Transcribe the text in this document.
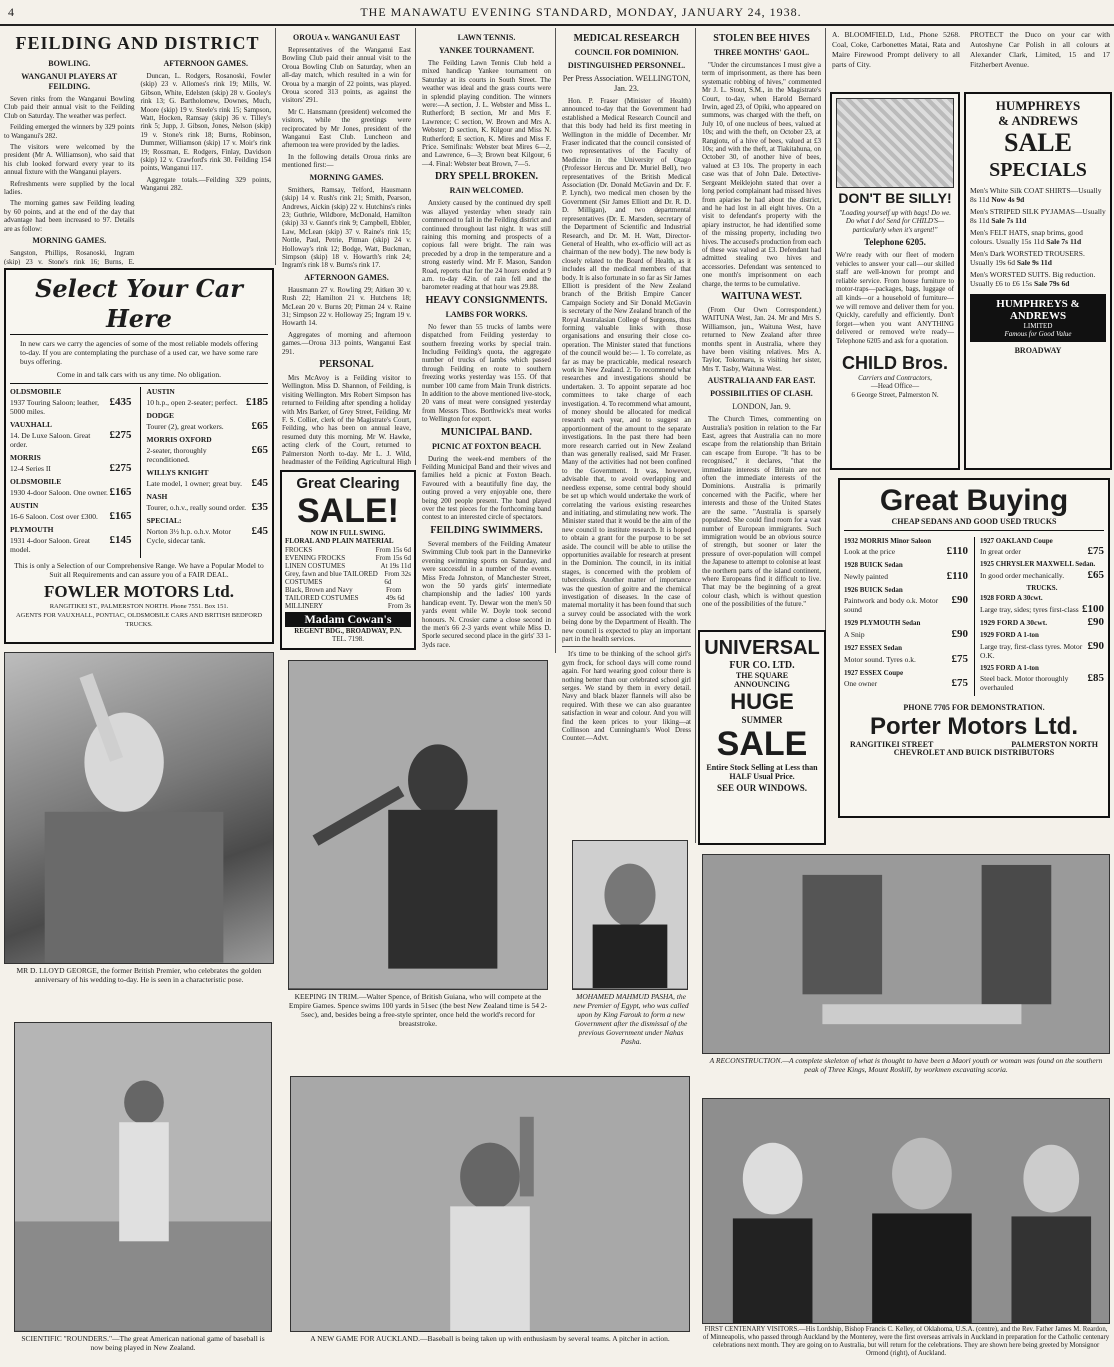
4	THE MANAWATU EVENING STANDARD, MONDAY, JANUARY 24, 1938.
FEILDING AND DISTRICT

BOWLING.

WANGANUI PLAYERS AT FEILDING.

Seven rinks from the Wanganui Bowling Club paid their annual visit to the Feilding Club on Saturday. The weather was perfect.

Feilding emerged the winners by 329 points to Wanganui's 282.

The visitors were welcomed by the president (Mr A. Williamson), who said that his club looked forward every year to its annual fixture with the Wanganui players.

Refreshments were supplied by the local ladies.

The morning games saw Feilding leading by 60 points, and at the end of the day that advantage had been increased to 97. Details are as follow:

MORNING GAMES.

Sangston, Phillips, Rosanoski, Ingram (skip) 23 v. Stone's rink 16; Burns, E.

AFTERNOON GAMES.

Duncan, L. Rodgers, Rosanoski, Fowler (skip) 23 v. Allomes's rink 19; Mills, W. Gibson, White, Edelsten (skip) 28 v. Gooley's rink 13; G. Bartholomew, Downes, Much, Moore (skip) 19 v. Steele's rink 15; Sampson, Watt, Hocken, Ramsay (skip) 36 v. Tilley's rink 5; Jupp, J. Gibson, Jones, Nelson (skip) 19 v. Stone's rink 18; Burns, Robinson, Dummer, Williamson (skip) 17 v. Moir's rink 19; Rossman, E. Rodgers, Finlay, Davidson (skip) 12 v. Crawford's rink 30. Feilding 154 points, Wanganui 117.

Aggregate totals.—Feilding 329 points, Wanganui 282.

OROUA v. WANGANUI EAST

Representatives of the Wanganui East Bowling Club paid their annual visit to the Oroua Bowling Club on Saturday, when an all-day match, which resulted in a win for Oroua by a margin of 22 points, was played. Oroua scored 313 points, as against the visitors' 291.

Mr C. Hansmann (president) welcomed the visitors, while the greetings were reciprocated by Mr Jones, president of the Wanganui East Club. Luncheon and afternoon tea were provided by the ladies.

In the following details Oroua rinks are mentioned first:—

MORNING GAMES.

Smithers, Ramsay, Telford, Hausmann (skip) 14 v. Rush's rink 21; Smith, Pearson, Andrews, Aickin (skip) 22 v. Hutchins's rinks 23; Guthrie, Wildbore, McDonald, Hamilton (skip) 33 v. Gannt's rink 9; Campbell, Ebbler, Law, McLean (skip) 37 v. Raine's rink 15; Nottle, Paul, Petrie, Pitman (skip) 24 v. Holloway's rink 12; Bodge, Watt, Buckman, Simpson (skip) 18 v. Howarth's rink 24; Ingram's rink 18 v. Burns's rink 17.

AFTERNOON GAMES.

Hausmann 27 v. Rowling 29; Aitken 30 v. Rush 22; Hamilton 21 v. Hutchens 18; McLean 20 v. Burns 20; Pitman 24 v. Raine 31; Simpson 22 v. Holloway 25; Ingram 19 v. Howarth 14.

Aggregates of morning and afternoon games.—Oroua 313 points, Wanganui East 291.

PERSONAL

Mrs McAvoy is a Feilding visitor to Wellington. Miss D. Shannon, of Feilding, is visiting Wellington. Mrs Robert Simpson has returned to Feilding after spending a holiday with Mrs Barker, of Grey Street, Feilding. Mr F. S. Collier, clerk of the Magistrate's Court, Feilding, who has been on annual leave, resumed duty this morning. Mr W. Hawke, acting clerk of the Court, returned to Palmerston North to-day. Mr L. J. Wild, headmaster of the Feilding Agricultural High

LAWN TENNIS.

YANKEE TOURNAMENT.

The Feilding Lawn Tennis Club held a mixed handicap Yankee tournament on Saturday at its courts in South Street. The weather was ideal and the grass courts were in splendid playing condition. The winners were:—A section, J. L. Webster and Miss L. Rutherford; B section, Mr and Mrs F. Lawrence; C section, W. Brown and Mrs A. Webster; D section, K. Kilgour and Miss N. Rutherford; E section, K. Mires and Miss F. Price. Semifinals: Webster beat Mires 6—2, and Lawrence, 6—3; Brown beat Kilgour, 6—4. Final: Webster beat Brown, 7—5.

DRY SPELL BROKEN.

RAIN WELCOMED.

Anxiety caused by the continued dry spell was allayed yesterday when steady rain commenced to fall in the Feilding district and continued throughout last night. It was still raining this morning and prospects of a copious fall were bright. The rain was preceded by a drop in the temperature and a strong easterly wind. Mr F. Mason, Sandon Road, reports that for the 24 hours ended at 9 a.m. to-day 42in. of rain fell and the barometer reading at that hour was 29.88.

HEAVY CONSIGNMENTS.

LAMBS FOR WORKS.

No fewer than 55 trucks of lambs were dispatched from Feilding yesterday to southern freezing works by special train. Including Feilding's quota, the aggregate number of trucks of lambs which passed through Feilding en route to southern freezing works yesterday was 155. Of that number 100 came from Main Trunk districts. In addition to the above mentioned live-stock, 20 vans of meat were consigned yesterday from Messrs Thos. Borthwick's meat works to Wellington for export.

MUNICIPAL BAND.

PICNIC AT FOXTON BEACH.

During the week-end members of the Feilding Municipal Band and their wives and families held a picnic at Foxton Beach. Favoured with a beautifully fine day, the outing proved a very enjoyable one, there being 200 people present. The band played over the test pieces for the forthcoming band contest to an interested circle of spectators.

FEILDING SWIMMERS.

Several members of the Feilding Amateur Swimming Club took part in the Dannevirke evening swimming sports on Saturday, and were successful in a number of the events. Miss Freda Johnston, of Manchester Street, won the 50 yards girls' intermediate championship and the ladies' 100 yards handicap event. Ty. Dewar won the men's 50 yards event while W. Doyle took second honours. N. Crosier came a close second in the men's 66 2-3 yards event while Miss D. Sporle secured second place in the girls' 33 1-3yds race.

MEDICAL RESEARCH

COUNCIL FOR DOMINION.

DISTINGUISHED PERSONNEL.

Per Press Association. WELLINGTON, Jan. 23.

Hon. P. Fraser (Minister of Health) announced to-day that the Government had established a Medical Research Council and that this body had held its first meeting in Wellington in the middle of December. Mr Fraser indicated that the council consisted of two representatives of the Faculty of Medicine in the University of Otago (Professor Hercus and Dr. Muriel Bell), two representatives of the British Medical Association (Dr. Donald McGavin and Dr. F. P. Lynch), two medical men chosen by the Government (Sir James Elliott and Dr. R. D. D. Milligan), and two departmental representatives (Dr. E. Marsden, secretary of the Department of Scientific and Industrial Research, and Dr. M. H. Watt, Director-General of Health, who ex-officio will act as chairman of the new body). The new body is closely related to the Board of Health, as it includes all the medical members of that body. It is also fortunate in so far as Sir James Elliott is president of the New Zealand branch of the British Empire Cancer Campaign Society and Sir Donald McGavin is secretary of the New Zealand branch of the Royal Australasian College of Surgeons, thus forming valuable links with those organisations and ensuring their close co-operation. The Minister stated that functions of the council would be:— 1. To correlate, as far as may be practicable, medical research work in New Zealand. 2. To recommend what researches and investigations should be undertaken. 3. To appoint separate ad hoc committees to take charge of each investigation. 4. To recommend what amount, of money should be allocated for medical research each year, and to suggest an apportionment of the amount to the separate investigations. In the past there had been more research carried out in New Zealand than was generally realised, said Mr Fraser. Many of the activities had not been confined to the Government. It was, however, advisable that, to avoid overlapping and needless expense, some central body should be set up which would undertake the work of correlating the various existing researches and initiating, and stimulating new work. The Minister stated that it would be the aim of the new council to institute research. It is hoped to obtain a grant for the purpose to be set aside. The council will be able to utilise the opportunities available for research at present in the Dominion. The council, in its initial stages, is concerned with the problem of tuberculosis. Another matter of importance was the question of goitre and the chemical investigation of diseases. In the case of maternal mortality it has been found that such a survey could be associated with the work being done by the Department of Health. The new council is expected to play an important part in the health services.

It's time to be thinking of the school girl's gym frock, for school days will come round again. For hard wearing good colour there is nothing better than our celebrated school girl serges. We stand by them in every detail. Navy and black blazer flannels will also be required. With these we can also guarantee satisfaction in wear and colour. And you will find the keen prices to your liking—at Collinson and Cunningham's Wool Dress Counter.—Advt.

STOLEN BEE HIVES

THREE MONTHS' GAOL.

"Under the circumstances I must give a term of imprisonment, as there has been systematic robbing of hives," commented Mr J. L. Stout, S.M., in the Magistrate's Court, to-day, when Harold Bernard Irwin, aged 23, of Opiki, who appeared on summons, was charged with the theft, on July 10, of one nucleus of bees, valued at 10s; and with the theft, on October 23, at Rangiotu, of a hive of bees, valued at £3 10s; and with the theft, at Tiakitahuna, on October 30, of another hive of bees, valued at £3 10s. The property in each case was that of John Dale. Detective-Sergeant Meiklejohn stated that over a long period complainant had missed hives from apiaries he had about the district, and he had lost in all eight hives. On a visit to defendant's property with the apiary instructor, he had identified some of the missing property, including two hives. The accused's production from each of these was valued at £3. Defendant had admitted stealing two hives and accessories. Defendant was sentenced to one month's imprisonment on each charge, the terms to be cumulative.

WAITUNA WEST.

(From Our Own Correspondent.) WAITUNA West, Jan. 24. Mr and Mrs S. Williamson, jun., Waituna West, have returned to New Zealand after three months spent in Australia, where they have been visiting relatives. Mrs A. Taylor, Tokomaru, is visiting her sister, Mrs T. Tasby, Waituna West.

AUSTRALIA AND FAR EAST.

POSSIBILITIES OF CLASH.

LONDON, Jan. 9.

The Church Times, commenting on Australia's position in relation to the Far East, agrees that Australia can no more escape from the relationship than Britain can escape from Europe. "It has to be recognised," it declares, "that the immediate interests of Britain are not often the immediate interests of the Dominions. Australia is primarily concerned with the Pacific, where her interests and those of the United States are the same. "Australia is sparsely populated. She could find room for a vast number of European immigrants. Such immigration would be an obvious source of strength, but sooner or later the pressure of over-population will compel the Japanese to attempt to colonise at least the northern parts of the island continent, where Europeans find it difficult to live. That may be the beginning of a great colour clash, which is without question one of the possibilities of the future."

A. BLOOMFIELD, Ltd., Phone 5268. Coal, Coke, Carbonettes Matai, Rata and Maire Firewood Prompt delivery to all parts of City.
PROTECT the Duco on your car with Autoshyne Car Polish in all colours at Alexander Clark, Limited, 15 and 17 Fitzherbert Avenue.
DON'T BE SILLY!
"Loading yourself up with bags! Do we. Do what I do! Send for CHILD'S—particularly when it's urgent!"
Telephone 6205.
We're ready with our fleet of modern vehicles to answer your call—our skilled staff are well-known for prompt and reliable service. From house furniture to motor-traps—packages, bags, luggage of all kinds—or a household of furniture—we will remove and deliver them for you. Quickly, carefully and efficiently. Don't forget—when you want ANYTHING delivered or removed we're ready—Telephone 6205 and ask for a quotation.
CHILD Bros.
Carriers and Contractors,
—Head Office—
6 George Street, Palmerston N.
HUMPHREYS
& ANDREWS
SALE
SPECIALS
Men's White Silk COAT SHIRTS—Usually 8s 11d Now 4s 9d
Men's STRIPED SILK PYJAMAS—Usually 8s 11d Sale 7s 11d
Men's FELT HATS, snap brims, good colours. Usually 15s 11d Sale 7s 11d
Men's Dark WORSTED TROUSERS. Usually 19s 6d Sale 9s 11d
Men's WORSTED SUITS. Big reduction. Usually £6 to £6 15s Sale 79s 6d
HUMPHREYS & ANDREWS
LIMITED
Famous for Good Value
BROADWAY
Select Your Car Here
In new cars we carry the agencies of some of the most reliable models offering to-day. If you are contemplating the purchase of a used car, we have some rare buys offering.
Come in and talk cars with us any time. No obligation.
OLDSMOBILE
1937 Touring Saloon; leather, 5000 miles.
£435
VAUXHALL
14. De Luxe Saloon. Great order.
£275
MORRIS
12-4 Series II	£275
OLDSMOBILE
1930 4-door Saloon. One owner. £165
AUSTIN
16-6 Saloon. Cost over £300. £165
PLYMOUTH
1931 4-door Saloon. Great model.
£145
AUSTIN
10 h.p., open 2-seater; perfect. £185
DODGE
Tourer (2), great workers.	£65
MORRIS OXFORD
2-seater, thoroughly reconditioned.
£65
WILLYS KNIGHT
Late model, 1 owner; great buy. £45
NASH
Tourer, o.h.v., really sound order. £35
SPECIAL:
Norton 3½ h.p. o.h.v. Motor Cycle, sidecar tank.
£45
This is only a Selection of our Comprehensive Range. We have a Popular Model to Suit all Requirements and can assure you of a FAIR DEAL.
FOWLER MOTORS Ltd.
RANGITIKEI ST., PALMERSTON NORTH. Phone 7551. Box 151.
AGENTS FOR VAUXHALL, PONTIAC, OLDSMOBILE CARS AND BRITISH BEDFORD TRUCKS.
Great Clearing
SALE!
NOW IN FULL SWING.
FLORAL AND PLAIN MATERIAL
FROCKS	From 15s 6d
EVENING FROCKS	From 15s 6d
LINEN COSTUMES	At 19s 11d
Grey, fawn and blue TAILORED COSTUMES
From 32s 6d
Black, Brown and Navy TAILORED COSTUMES
From 49s 6d
MILLINERY	From 3s
Madam Cowan's
REGENT BDG., BROADWAY, P.N.
TEL. 7198.
Great Buying
CHEAP SEDANS AND GOOD USED TRUCKS
1932 MORRIS Minor Saloon
Look at the price	£110
1928 BUICK Sedan
Newly painted	£110
1926 BUICK Sedan
Paintwork and body o.k. Motor sound
£90
1929 PLYMOUTH Sedan
A Snip	£90
1927 ESSEX Sedan
Motor sound. Tyres o.k.	£75
1927 ESSEX Coupe
One owner	£75
1927 OAKLAND Coupe
In great order	£75
1925 CHRYSLER MAXWELL Sedan.
In good order mechanically. £65
TRUCKS.
1928 FORD A 30cwt.
Large tray, sides; tyres first-class £100
1929 FORD A 30cwt.	£90
1929 FORD A 1-ton
Large tray, first-class tyres. Motor O.K.
£90
1925 FORD A 1-ton
Steel back. Motor thoroughly overhauled
£85
PHONE 7705 FOR DEMONSTRATION.
Porter Motors Ltd.
RANGITIKEI STREET	PALMERSTON NORTH
CHEVROLET AND BUICK DISTRIBUTORS
UNIVERSAL
FUR CO. LTD.
THE SQUARE
ANNOUNCING
HUGE
SUMMER
SALE
Entire Stock Selling at Less than HALF Usual Price.
SEE OUR WINDOWS.
MR D. LLOYD GEORGE, the former British Premier, who celebrates the golden anniversary of his wedding to-day. He is seen in a characteristic pose.
KEEPING IN TRIM.—Walter Spence, of British Guiana, who will compete at the Empire Games. Spence swims 100 yards in 51sec (the best New Zealand time is 54 2-5sec), and, besides being a free-style sprinter, once held the world's record for breaststroke.
MOHAMED MAHMUD PASHA, the new Premier of Egypt, who was called upon by King Farouk to form a new Government after the dismissal of the previous Government under Nahas Pasha.
A RECONSTRUCTION.—A complete skeleton of what is thought to have been a Maori youth or woman was found on the southern peak of Three Kings, Mount Roskill, by workmen excavating scoria.
SCIENTIFIC "ROUNDERS."—The great American national game of baseball is now being played in New Zealand.
A NEW GAME FOR AUCKLAND.—Baseball is being taken up with enthusiasm by several teams. A pitcher in action.
FIRST CENTENARY VISITORS.—His Lordship, Bishop Francis C. Kelley, of Oklahoma, U.S.A. (centre), and the Rev. Father James M. Reardon, of Minneapolis, who passed through Auckland by the Monterey, were the first overseas arrivals in Auckland in preparation for the Catholic centenary celebrations next month. They are going on to Australia, but will return for the celebrations. They are shown here being greeted by Monsignor Ormond (right), of Auckland.
